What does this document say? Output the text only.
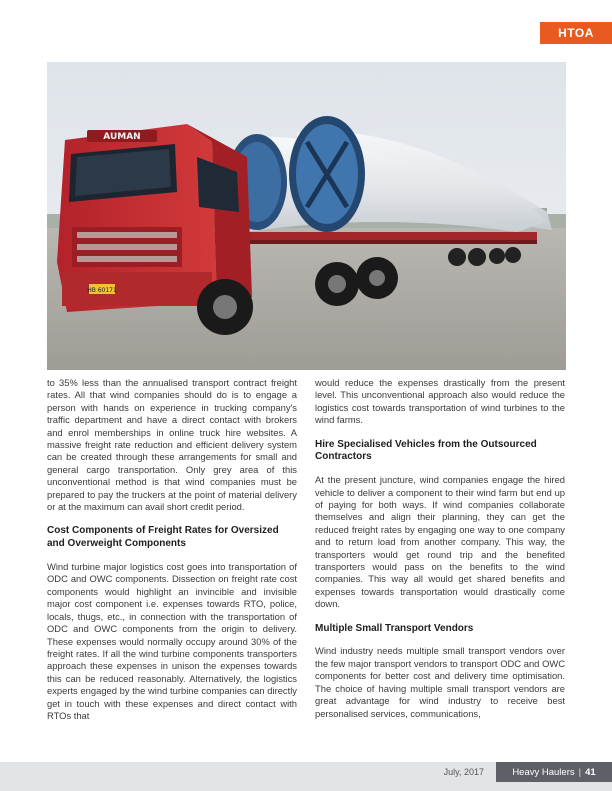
HTOA
AUMAN
HB 60171

to 35% less than the annualised transport contract freight rates. All that wind companies should do is to engage a person with hands on experience in trucking company's traffic department and have a direct contact with brokers and enrol memberships in online truck hire websites. A massive freight rate reduction and efficient delivery system can be created through these arrangements for small and general cargo transportation. Only grey area of this unconventional method is that wind companies must be prepared to pay the truckers at the point of material delivery or at the maximum can avail short credit period.

Cost Components of Freight Rates for Oversized and Overweight Components

Wind turbine major logistics cost goes into transportation of ODC and OWC components. Dissection on freight rate cost components would highlight an invincible and invisible major cost component i.e. expenses towards RTO, police, locals, thugs, etc., in connection with the transportation of ODC and OWC components from the origin to delivery. These expenses would normally occupy around 30% of the freight rates. If all the wind turbine components transporters approach these expenses in unison the expenses towards this can be reduced reasonably. Alternatively, the logistics experts engaged by the wind turbine companies can directly get in touch with these expenses and direct contact with RTOs that

would reduce the expenses drastically from the present level. This unconventional approach also would reduce the logistics cost towards transportation of wind turbines to the wind farms.

Hire Specialised Vehicles from the Outsourced Contractors

At the present juncture, wind companies engage the hired vehicle to deliver a component to their wind farm but end up of paying for both ways. If wind companies collaborate themselves and align their planning, they can get the reduced freight rates by engaging one way to one company and to return load from another company. This way, the transporters would get round trip and the benefited transporters would pass on the benefits to the wind companies. This way all would get shared benefits and expenses towards transportation would drastically come down.

Multiple Small Transport Vendors

Wind industry needs multiple small transport vendors over the few major transport vendors to transport ODC and OWC components for better cost and delivery time optimisation. The choice of having multiple small transport vendors are great advantage for wind industry to receive best personalised services, communications,

July, 2017	Heavy Haulers | 41
